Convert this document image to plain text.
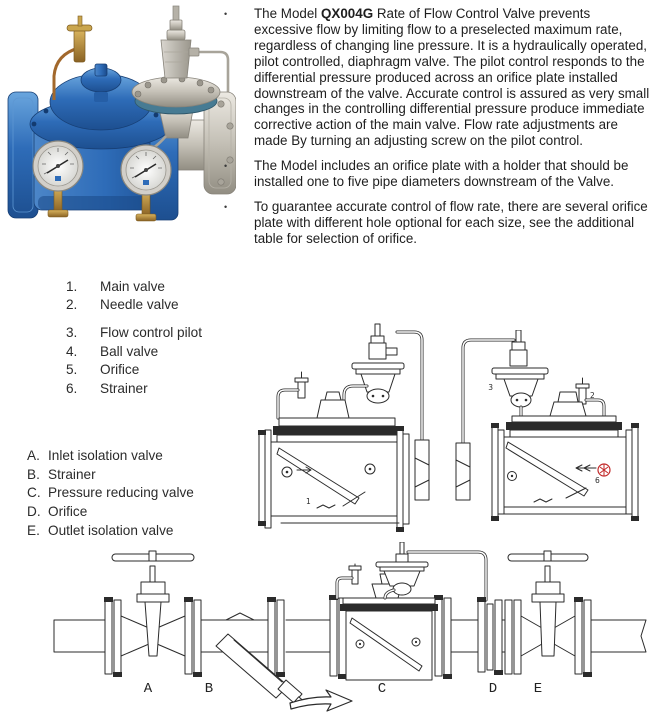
•	The Model QX004G Rate of Flow Control Valve prevents excessive flow by limiting flow to a preselected maximum rate, regardless of changing line pressure. It is a hydraulically operated, pilot controlled, diaphragm valve. The pilot control responds to the differential pressure produced across an orifice plate installed downstream of the valve. Accurate control is assured as very small changes in the controlling differential pressure produce immediate corrective action of the main valve. Flow rate adjustments are made By turning an adjusting screw on the pilot control.
•	The Model includes an orifice plate with a holder that should be installed one to five pipe diameters downstream of the Valve.
•	To guarantee accurate control of flow rate, there are several orifice plate with different hole optional for each size, see the additional table for selection of orifice.
1.	Main valve
2.	Needle valve
3.	Flow control pilot
4.	Ball valve
5.	Orifice
6.	Strainer
A. Inlet isolation valve
B. Strainer
C. Pressure reducing valve
D. Orifice
E. Outlet isolation valve
1
3
2
6
A	B	C	D	E
